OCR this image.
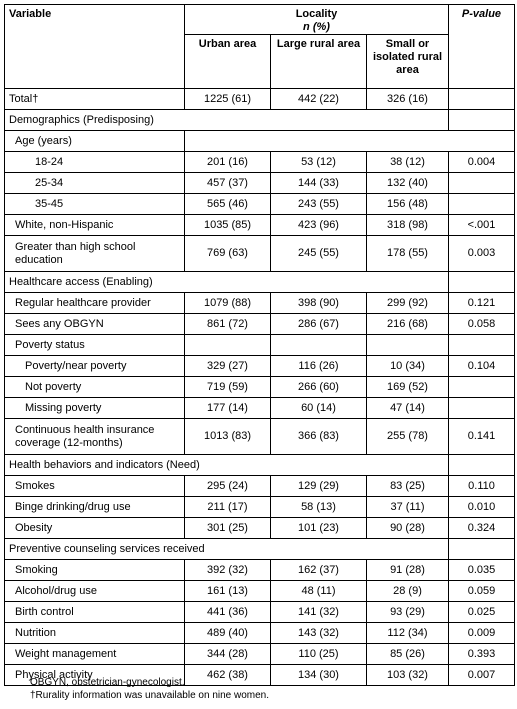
Variable	Locality
n (%)			P-value
	Urban area	Large rural area	Small or isolated rural area	
Total†	1225 (61)	442 (22)	326 (16)	
Demographics (Predisposing)				
Age (years)				
18-24	201 (16)	53 (12)	38 (12)	0.004
25-34	457 (37)	144 (33)	132 (40)	
35-45	565 (46)	243 (55)	156 (48)	
White, non-Hispanic	1035 (85)	423 (96)	318 (98)	<.001
Greater than high school education	769 (63)	245 (55)	178 (55)	0.003
Healthcare access (Enabling)				
Regular healthcare provider	1079 (88)	398 (90)	299 (92)	0.121
Sees any OBGYN	861 (72)	286 (67)	216 (68)	0.058
Poverty status				
Poverty/near poverty	329 (27)	116 (26)	10 (34)	0.104
Not poverty	719 (59)	266 (60)	169 (52)	
Missing poverty	177 (14)	60 (14)	47 (14)	
Continuous health insurance coverage (12-months)	1013 (83)	366 (83)	255 (78)	0.141
Health behaviors and indicators (Need)				
Smokes	295 (24)	129 (29)	83 (25)	0.110
Binge drinking/drug use	211 (17)	58 (13)	37 (11)	0.010
Obesity	301 (25)	101 (23)	90 (28)	0.324
Preventive counseling services received				
Smoking	392 (32)	162 (37)	91 (28)	0.035
Alcohol/drug use	161 (13)	48 (11)	28 (9)	0.059
Birth control	441 (36)	141 (32)	93 (29)	0.025
Nutrition	489 (40)	143 (32)	112 (34)	0.009
Weight management	344 (28)	110 (25)	85 (26)	0.393
Physical activity	462 (38)	134 (30)	103 (32)	0.007
OBGYN, obstetrician-gynecologist.
†Rurality information was unavailable on nine women.
